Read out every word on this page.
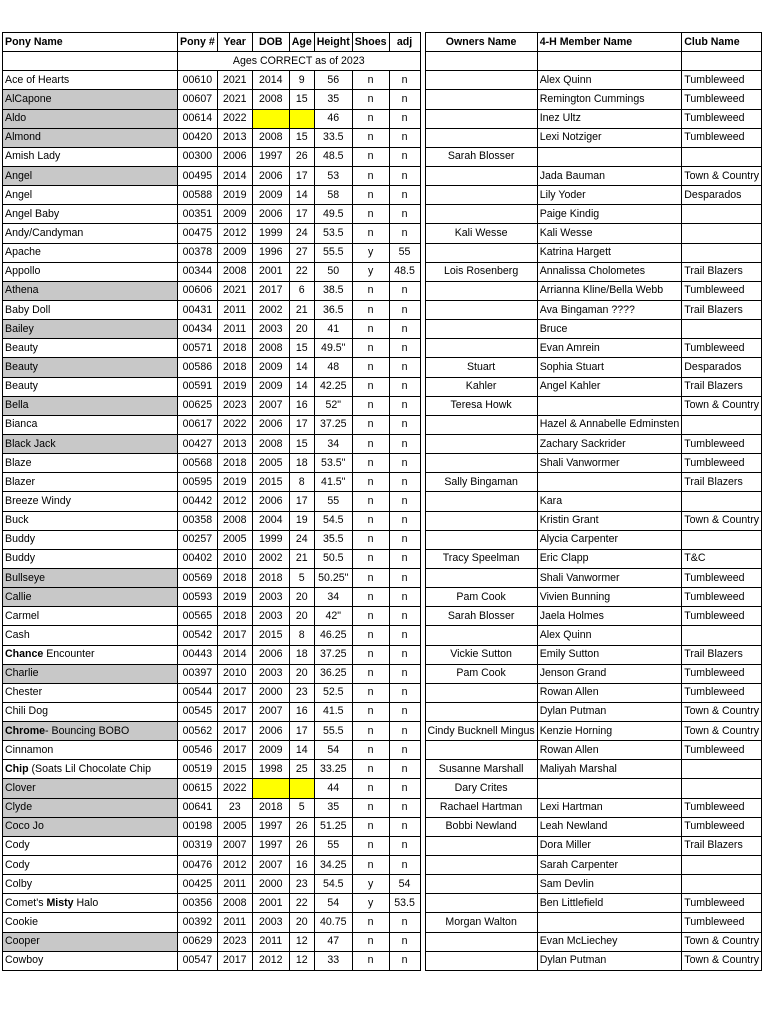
Pony Name	Pony #	Year	DOB	Age	Height	Shoes	adj		Owners Name	4-H Member Name	Club Name
	Ages CORRECT as of 2023										
Ace of Hearts	00610	2021	2014	9	56	n	n			Alex Quinn	Tumbleweed
AlCapone	00607	2021	2008	15	35	n	n			Remington Cummings	Tumbleweed
Aldo	00614	2022			46	n	n			Inez Ultz	Tumbleweed
Almond	00420	2013	2008	15	33.5	n	n			Lexi Notziger	Tumbleweed
Amish Lady	00300	2006	1997	26	48.5	n	n		Sarah Blosser		
Angel	00495	2014	2006	17	53	n	n			Jada Bauman	Town & Country
Angel	00588	2019	2009	14	58	n	n			Lily Yoder	Desparados
Angel Baby	00351	2009	2006	17	49.5	n	n			Paige Kindig	
Andy/Candyman	00475	2012	1999	24	53.5	n	n		Kali Wesse	Kali Wesse	
Apache	00378	2009	1996	27	55.5	y	55			Katrina Hargett	
Appollo	00344	2008	2001	22	50	y	48.5		Lois Rosenberg	Annalissa Cholometes	Trail Blazers
Athena	00606	2021	2017	6	38.5	n	n			Arrianna Kline/Bella Webb	Tumbleweed
Baby Doll	00431	2011	2002	21	36.5	n	n			Ava Bingaman ????	Trail Blazers
Bailey	00434	2011	2003	20	41	n	n			Bruce	
Beauty	00571	2018	2008	15	49.5"	n	n			Evan Amrein	Tumbleweed
Beauty	00586	2018	2009	14	48	n	n		Stuart	Sophia Stuart	Desparados
Beauty	00591	2019	2009	14	42.25	n	n		Kahler	Angel Kahler	Trail Blazers
Bella	00625	2023	2007	16	52"	n	n		Teresa Howk		Town & Country
Bianca	00617	2022	2006	17	37.25	n	n			Hazel & Annabelle Edminsten	
Black Jack	00427	2013	2008	15	34	n	n			Zachary Sackrider	Tumbleweed
Blaze	00568	2018	2005	18	53.5"	n	n			Shali Vanwormer	Tumbleweed
Blazer	00595	2019	2015	8	41.5"	n	n		Sally Bingaman		Trail Blazers
Breeze Windy	00442	2012	2006	17	55	n	n			Kara	
Buck	00358	2008	2004	19	54.5	n	n			Kristin Grant	Town & Country
Buddy	00257	2005	1999	24	35.5	n	n			Alycia Carpenter	
Buddy	00402	2010	2002	21	50.5	n	n		Tracy Speelman	Eric Clapp	T&C
Bullseye	00569	2018	2018	5	50.25"	n	n			Shali Vanwormer	Tumbleweed
Callie	00593	2019	2003	20	34	n	n		Pam Cook	Vivien Bunning	Tumbleweed
Carmel	00565	2018	2003	20	42"	n	n		Sarah Blosser	Jaela Holmes	Tumbleweed
Cash	00542	2017	2015	8	46.25	n	n			Alex Quinn	
Chance Encounter	00443	2014	2006	18	37.25	n	n		Vickie Sutton	Emily Sutton	Trail Blazers
Charlie	00397	2010	2003	20	36.25	n	n		Pam Cook	Jenson Grand	Tumbleweed
Chester	00544	2017	2000	23	52.5	n	n			Rowan Allen	Tumbleweed
Chili Dog	00545	2017	2007	16	41.5	n	n			Dylan Putman	Town & Country
Chrome- Bouncing BOBO	00562	2017	2006	17	55.5	n	n		Cindy Bucknell Mingus	Kenzie Horning	Town & Country
Cinnamon	00546	2017	2009	14	54	n	n			Rowan Allen	Tumbleweed
Chip (Soats Lil Chocolate Chip	00519	2015	1998	25	33.25	n	n		Susanne Marshall	Maliyah Marshal	
Clover	00615	2022			44	n	n		Dary Crites		
Clyde	00641	23	2018	5	35	n	n		Rachael Hartman	Lexi Hartman	Tumbleweed
Coco Jo	00198	2005	1997	26	51.25	n	n		Bobbi Newland	Leah Newland	Tumbleweed
Cody	00319	2007	1997	26	55	n	n			Dora Miller	Trail Blazers
Cody	00476	2012	2007	16	34.25	n	n			Sarah Carpenter	
Colby	00425	2011	2000	23	54.5	y	54			Sam Devlin	
Comet's Misty Halo	00356	2008	2001	22	54	y	53.5			Ben Littlefield	Tumbleweed
Cookie	00392	2011	2003	20	40.75	n	n		Morgan Walton		Tumbleweed
Cooper	00629	2023	2011	12	47	n	n			Evan McLiechey	Town & Country
Cowboy	00547	2017	2012	12	33	n	n			Dylan Putman	Town & Country
